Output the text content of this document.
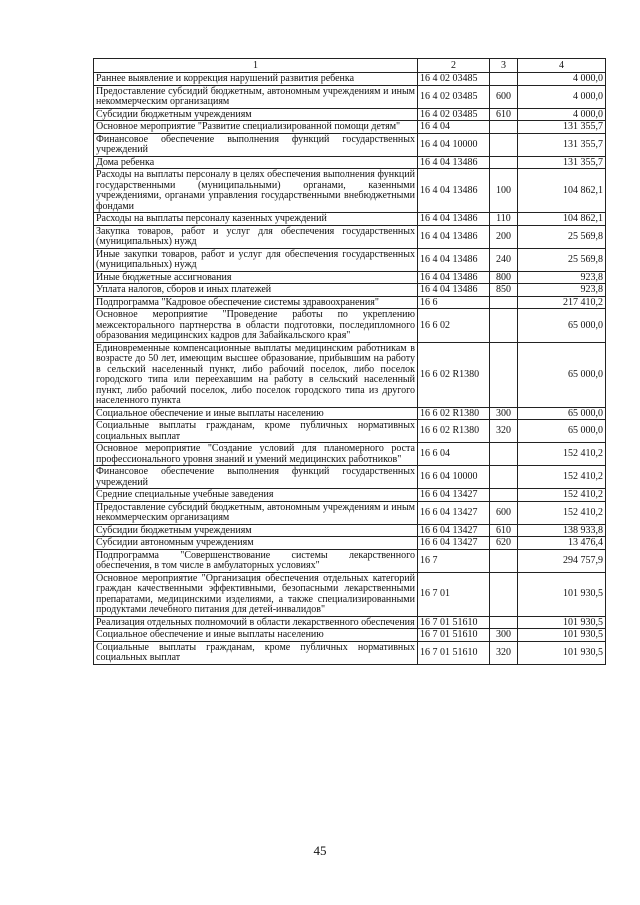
1	2	3	4
Раннее выявление и коррекция нарушений развития ребенка	16 4 02 03485		4 000,0
Предоставление субсидий бюджетным, автономным учреждениям и иным некоммерческим организациям	16 4 02 03485	600	4 000,0
Субсидии бюджетным учреждениям	16 4 02 03485	610	4 000,0
Основное мероприятие "Развитие специализированной помощи детям"	16 4 04		131 355,7
Финансовое обеспечение выполнения функций государственных учреждений	16 4 04 10000		131 355,7
Дома ребенка	16 4 04 13486		131 355,7
Расходы на выплаты персоналу в целях обеспечения выполнения функций государственными (муниципальными) органами, казенными учреждениями, органами управления государственными внебюджетными фондами	16 4 04 13486	100	104 862,1
Расходы на выплаты персоналу казенных учреждений	16 4 04 13486	110	104 862,1
Закупка товаров, работ и услуг для обеспечения государственных (муниципальных) нужд	16 4 04 13486	200	25 569,8
Иные закупки товаров, работ и услуг для обеспечения государственных (муниципальных) нужд	16 4 04 13486	240	25 569,8
Иные бюджетные ассигнования	16 4 04 13486	800	923,8
Уплата налогов, сборов и иных платежей	16 4 04 13486	850	923,8
Подпрограмма "Кадровое обеспечение системы здравоохранения"	16 6		217 410,2
Основное мероприятие "Проведение работы по укреплению межсекторального партнерства в области подготовки, последипломного образования медицинских кадров для Забайкальского края"	16 6 02		65 000,0
Единовременные компенсационные выплаты медицинским работникам в возрасте до 50 лет, имеющим высшее образование, прибывшим на работу в сельский населенный пункт, либо рабочий поселок, либо поселок городского типа или переехавшим на работу в сельский населенный пункт, либо рабочий поселок, либо поселок городского типа из другого населенного пункта	16 6 02 R1380		65 000,0
Социальное обеспечение и иные выплаты населению	16 6 02 R1380	300	65 000,0
Социальные выплаты гражданам, кроме публичных нормативных социальных выплат	16 6 02 R1380	320	65 000,0
Основное мероприятие "Создание условий для планомерного роста профессионального уровня знаний и умений медицинских работников"	16 6 04		152 410,2
Финансовое обеспечение выполнения функций государственных учреждений	16 6 04 10000		152 410,2
Средние специальные учебные заведения	16 6 04 13427		152 410,2
Предоставление субсидий бюджетным, автономным учреждениям и иным некоммерческим организациям	16 6 04 13427	600	152 410,2
Субсидии бюджетным учреждениям	16 6 04 13427	610	138 933,8
Субсидии автономным учреждениям	16 6 04 13427	620	13 476,4
Подпрограмма "Совершенствование системы лекарственного обеспечения, в том числе в амбулаторных условиях"	16 7		294 757,9
Основное мероприятие "Организация обеспечения отдельных категорий граждан качественными эффективными, безопасными лекарственными препаратами, медицинскими изделиями, а также специализированными продуктами лечебного питания для детей-инвалидов"	16 7 01		101 930,5
Реализация отдельных полномочий в области лекарственного обеспечения	16 7 01 51610		101 930,5
Социальное обеспечение и иные выплаты населению	16 7 01 51610	300	101 930,5
Социальные выплаты гражданам, кроме публичных нормативных социальных выплат	16 7 01 51610	320	101 930,5
45
